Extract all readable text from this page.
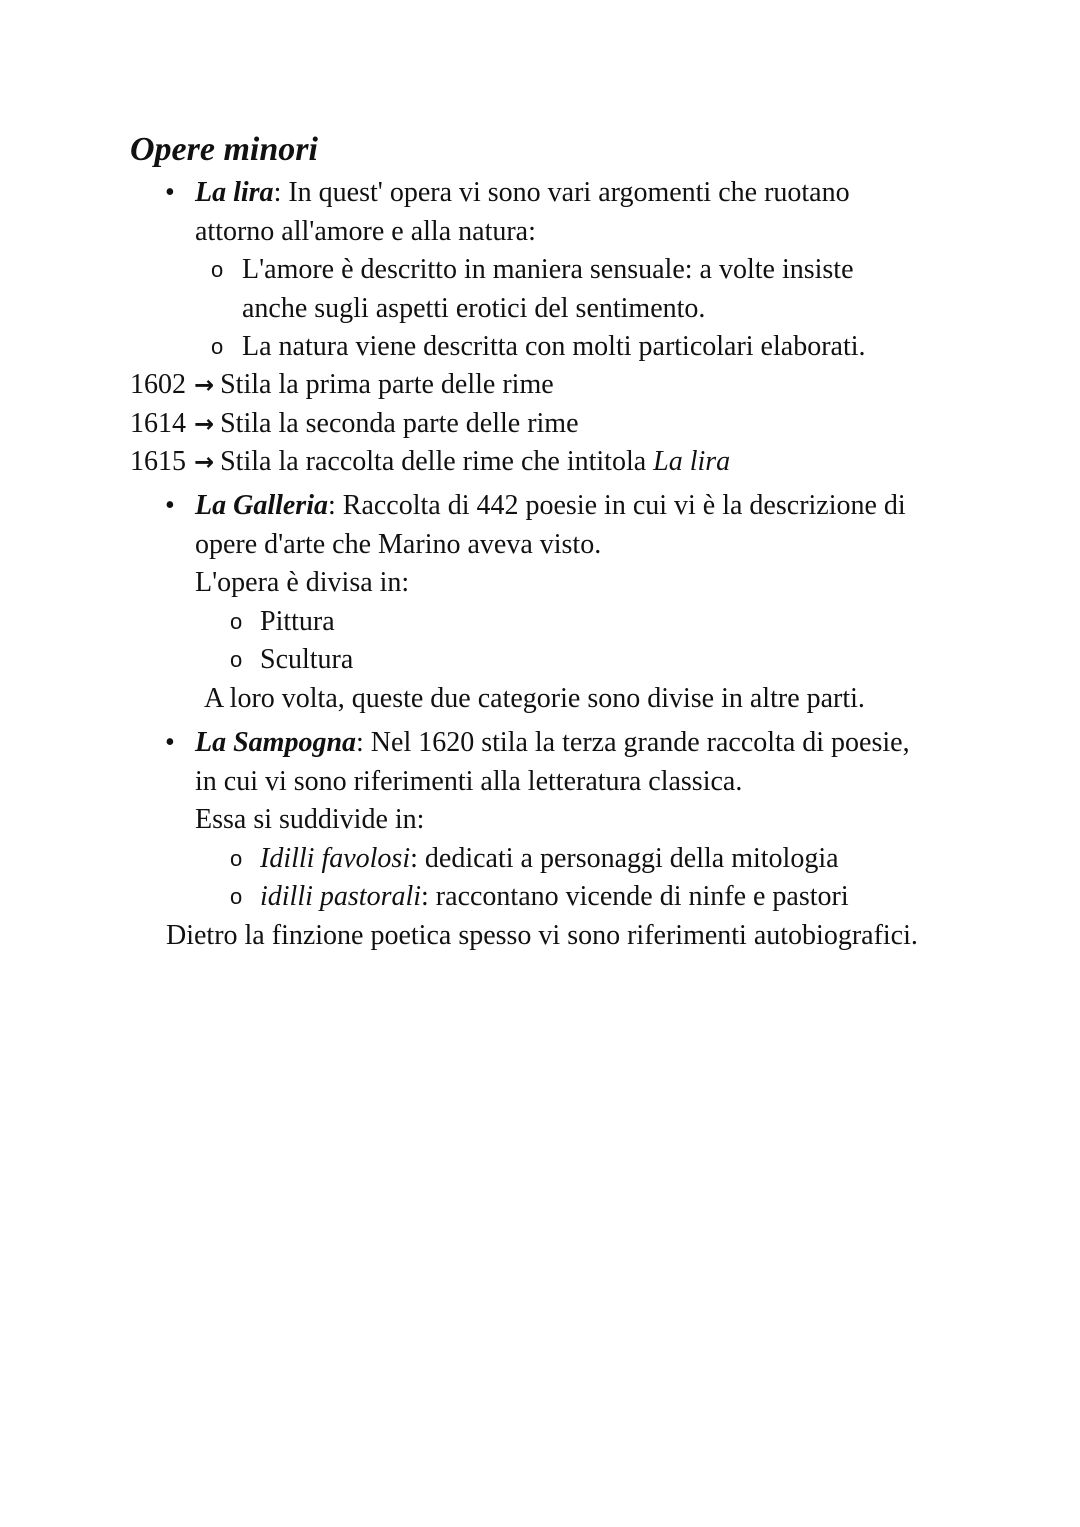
Opere minori
• La lira: In quest' opera vi sono vari argomenti che ruotano
attorno all'amore e alla natura:
o L'amore è descritto in maniera sensuale: a volte insiste
anche sugli aspetti erotici del sentimento.
o La natura viene descritta con molti particolari elaborati.
1602 → Stila la prima parte delle rime
1614 → Stila la seconda parte delle rime
1615 → Stila la raccolta delle rime che intitola La lira
• La Galleria: Raccolta di 442 poesie in cui vi è la descrizione di
opere d'arte che Marino aveva visto.
L'opera è divisa in:
o Pittura
o Scultura
A loro volta, queste due categorie sono divise in altre parti.
• La Sampogna: Nel 1620 stila la terza grande raccolta di poesie,
in cui vi sono riferimenti alla letteratura classica.
Essa si suddivide in:
o Idilli favolosi: dedicati a personaggi della mitologia
o idilli pastorali: raccontano vicende di ninfe e pastori
Dietro la finzione poetica spesso vi sono riferimenti autobiografici.
